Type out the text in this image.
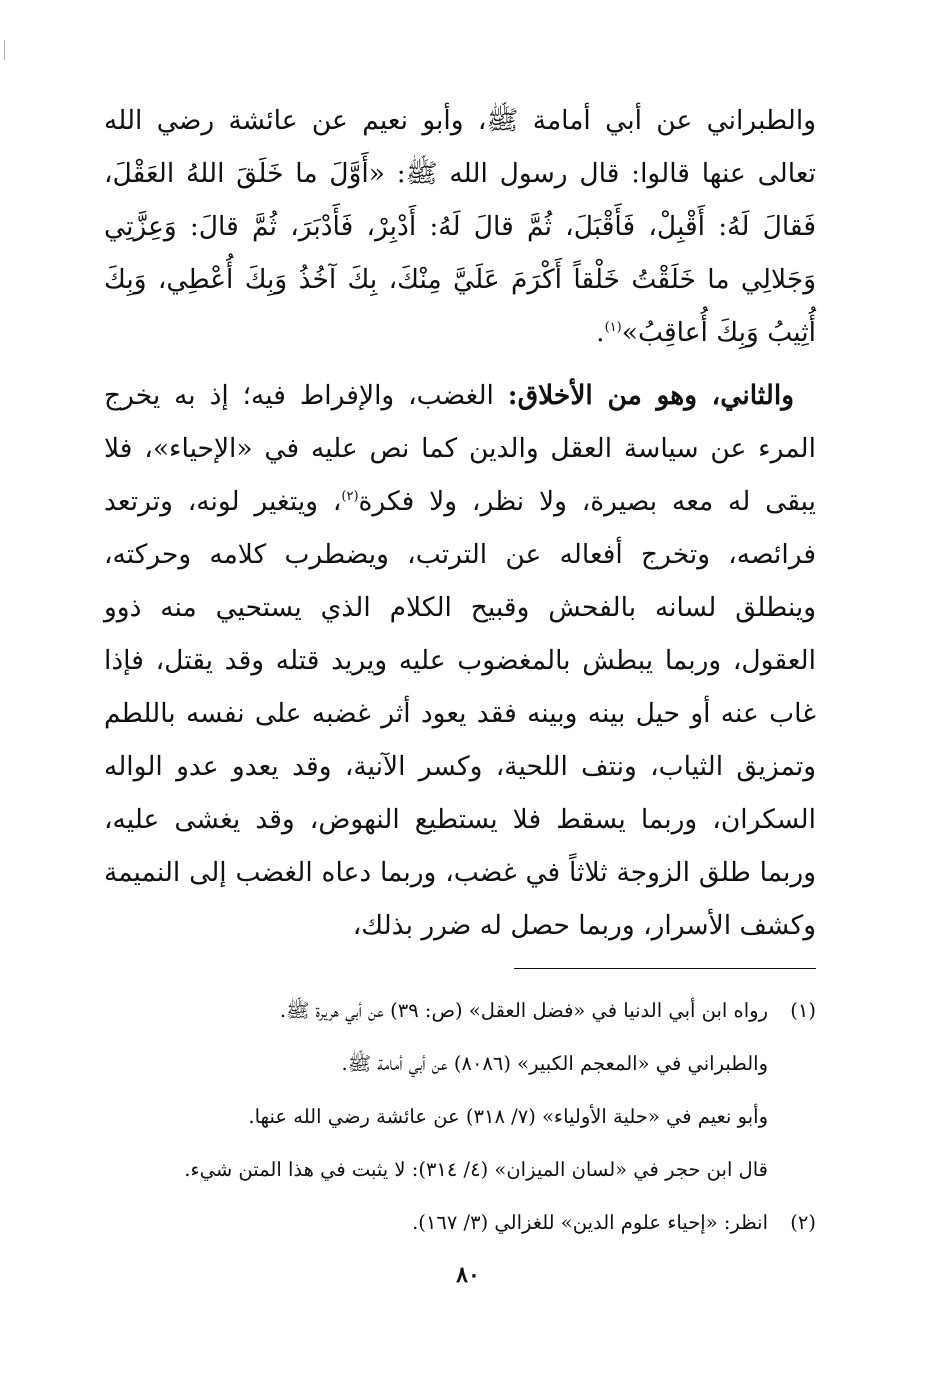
والطبراني عن أبي أمامة ﷺ، وأبو نعيم عن عائشة رضي الله تعالى عنها قالوا: قال رسول الله ﷺ: «أَوَّلَ ما خَلَقَ اللهُ العَقْلَ، فَقالَ لَهُ: أَقْبِلْ، فَأَقْبَلَ، ثُمَّ قالَ لَهُ: أَدْبِرْ، فَأَدْبَرَ، ثُمَّ قالَ: وَعِزَّتِي وَجَلالِي ما خَلَقْتُ خَلْقاً أَكْرَمَ عَلَيَّ مِنْكَ، بِكَ آخُذُ وَبِكَ أُعْطِي، وَبِكَ أُثِيبُ وَبِكَ أُعاقِبُ»$^{(١)}$.

والثاني، وهو من الأخلاق: الغضب، والإفراط فيه؛ إذ به يخرج المرء عن سياسة العقل والدين كما نص عليه في «الإحياء»، فلا يبقى له معه بصيرة، ولا نظر، ولا فكرة$^{(٢)}$، ويتغير لونه، وترتعد فرائصه، وتخرج أفعاله عن الترتب، ويضطرب كلامه وحركته، وينطلق لسانه بالفحش وقبيح الكلام الذي يستحيي منه ذوو العقول، وربما يبطش بالمغضوب عليه ويريد قتله وقد يقتل، فإذا غاب عنه أو حيل بينه وبينه فقد يعود أثر غضبه على نفسه باللطم وتمزيق الثياب، ونتف اللحية، وكسر الآنية، وقد يعدو عدو الواله السكران، وربما يسقط فلا يستطيع النهوض، وقد يغشى عليه، وربما طلق الزوجة ثلاثاً في غضب، وربما دعاه الغضب إلى النميمة وكشف الأسرار، وربما حصل له ضرر بذلك،

(١)
رواه ابن أبي الدنيا في «فضل العقل» (ص: ٣٩) عن أبي هريرة ﷺ.
والطبراني في «المعجم الكبير» (٨٠٨٦) عن أبي أمامة ﷺ.
وأبو نعيم في «حلية الأولياء» (٧/ ٣١٨) عن عائشة رضي الله عنها.
قال ابن حجر في «لسان الميزان» (٤/ ٣١٤): لا يثبت في هذا المتن شيء.
(٢)
انظر: «إحياء علوم الدين» للغزالي (٣/ ١٦٧).
٨٠
